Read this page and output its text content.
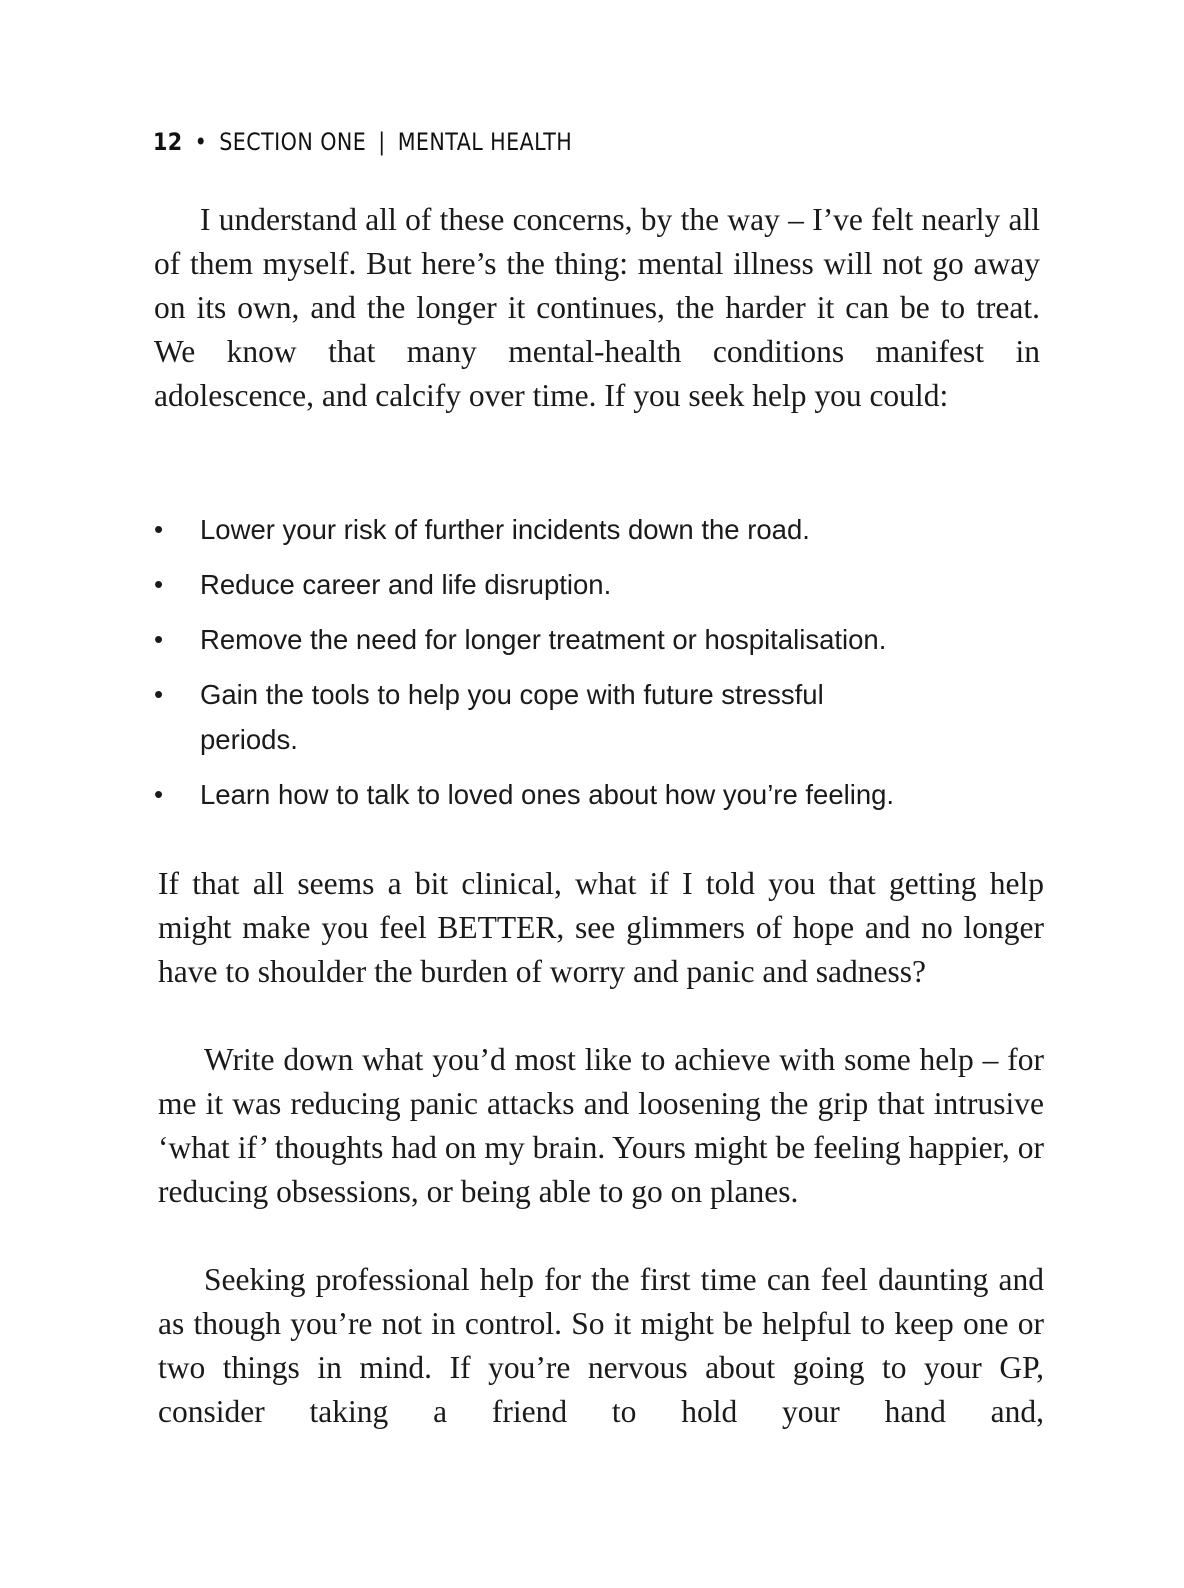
12 • SECTION ONE | MENTAL HEALTH

I understand all of these concerns, by the way – I’ve felt nearly all of them myself. But here’s the thing: mental illness will not go away on its own, and the longer it continues, the harder it can be to treat. We know that many mental-health conditions manifest in adolescence, and calcify over time. If you seek help you could:

• Lower your risk of further incidents down the road.
• Reduce career and life disruption.
• Remove the need for longer treatment or hospitalisation.
• Gain the tools to help you cope with future stressful periods.
• Learn how to talk to loved ones about how you’re feeling.

If that all seems a bit clinical, what if I told you that getting help might make you feel BETTER, see glimmers of hope and no longer have to shoulder the burden of worry and panic and sadness?

Write down what you’d most like to achieve with some help – for me it was reducing panic attacks and loosening the grip that intrusive ‘what if’ thoughts had on my brain. Yours might be feeling happier, or reducing obsessions, or being able to go on planes.

Seeking professional help for the first time can feel daunting and as though you’re not in control. So it might be helpful to keep one or two things in mind. If you’re nervous about going to your GP, consider taking a friend to hold your hand and,
